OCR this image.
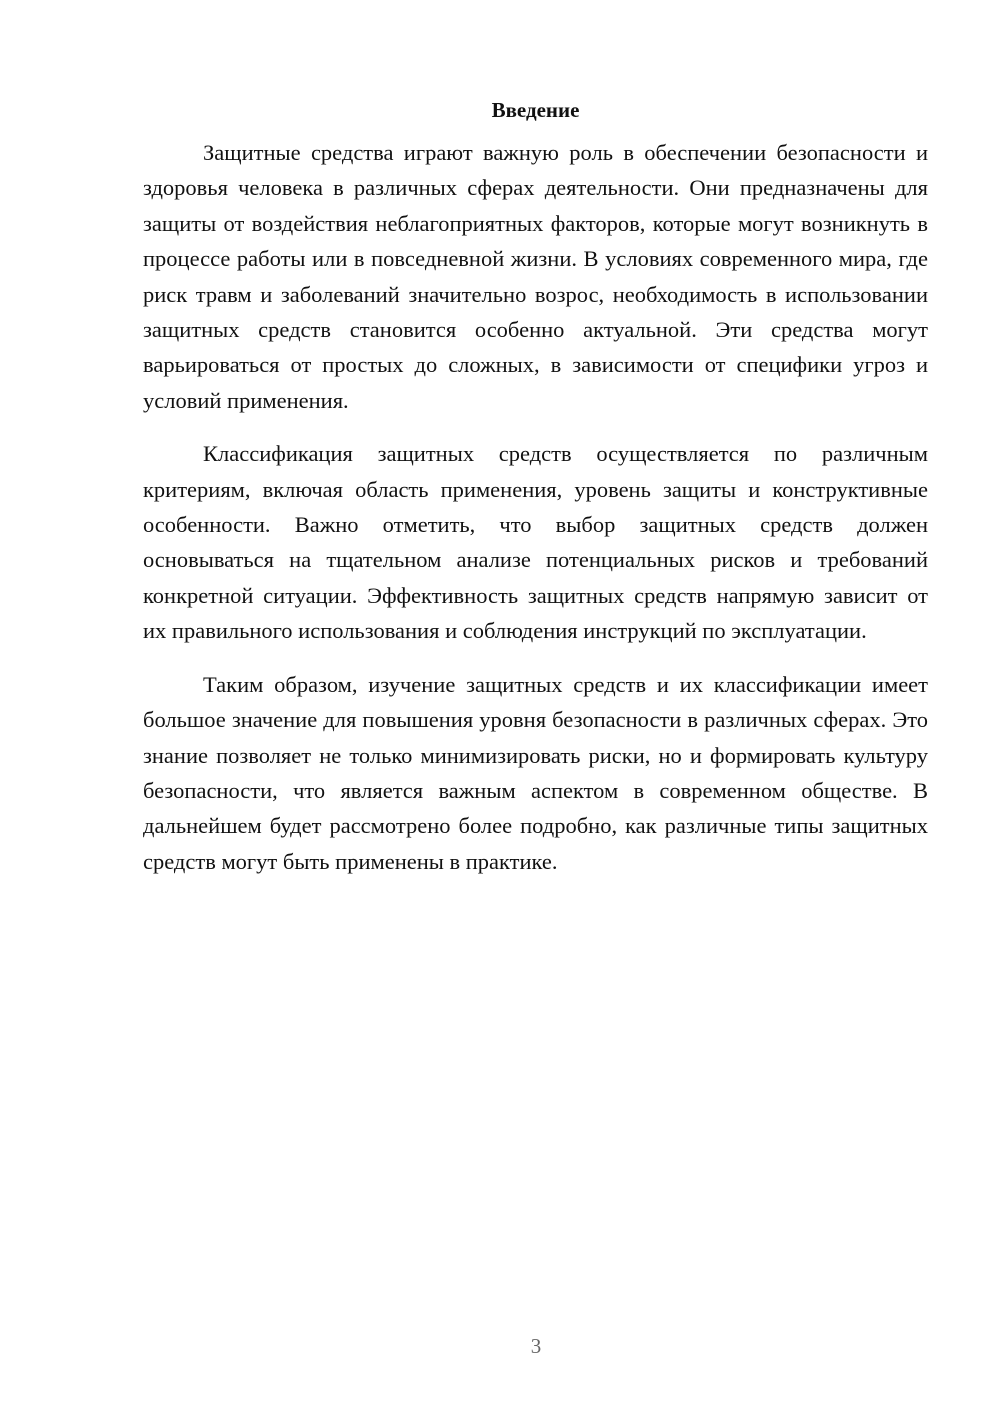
Введение

Защитные средства играют важную роль в обеспечении безопасности и здоровья человека в различных сферах деятельности. Они предназначены для защиты от воздействия неблагоприятных факторов, которые могут возникнуть в процессе работы или в повседневной жизни. В условиях современного мира, где риск травм и заболеваний значительно возрос, необходимость в использовании защитных средств становится особенно актуальной. Эти средства могут варьироваться от простых до сложных, в зависимости от специфики угроз и условий применения.

Классификация защитных средств осуществляется по различным критериям, включая область применения, уровень защиты и конструктивные особенности. Важно отметить, что выбор защитных средств должен основываться на тщательном анализе потенциальных рисков и требований конкретной ситуации. Эффективность защитных средств напрямую зависит от их правильного использования и соблюдения инструкций по эксплуатации.

Таким образом, изучение защитных средств и их классификации имеет большое значение для повышения уровня безопасности в различных сферах. Это знание позволяет не только минимизировать риски, но и формировать культуру безопасности, что является важным аспектом в современном обществе. В дальнейшем будет рассмотрено более подробно, как различные типы защитных средств могут быть применены в практике.

3
